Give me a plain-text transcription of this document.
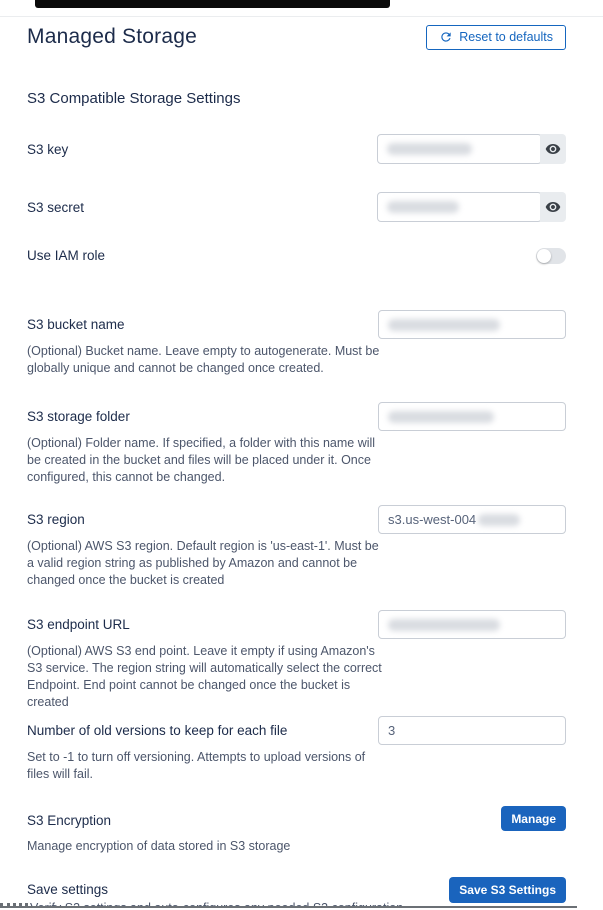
Managed Storage	Reset to defaults
S3 Compatible Storage Settings
S3 key
S3 secret
Use IAM role
S3 bucket name
(Optional) Bucket name. Leave empty to autogenerate. Must be globally unique and cannot be changed once created.
S3 storage folder
(Optional) Folder name. If specified, a folder with this name will be created in the bucket and files will be placed under it. Once configured, this cannot be changed.
S3 region	s3.us-west-004
(Optional) AWS S3 region. Default region is 'us-east-1'. Must be a valid region string as published by Amazon and cannot be changed once the bucket is created
S3 endpoint URL
(Optional) AWS S3 end point. Leave it empty if using Amazon's S3 service. The region string will automatically select the correct Endpoint. End point cannot be changed once the bucket is created
Number of old versions to keep for each file	3
Set to -1 to turn off versioning. Attempts to upload versions of files will fail.
S3 Encryption	Manage
Manage encryption of data stored in S3 storage
Save settings	Save S3 Settings
